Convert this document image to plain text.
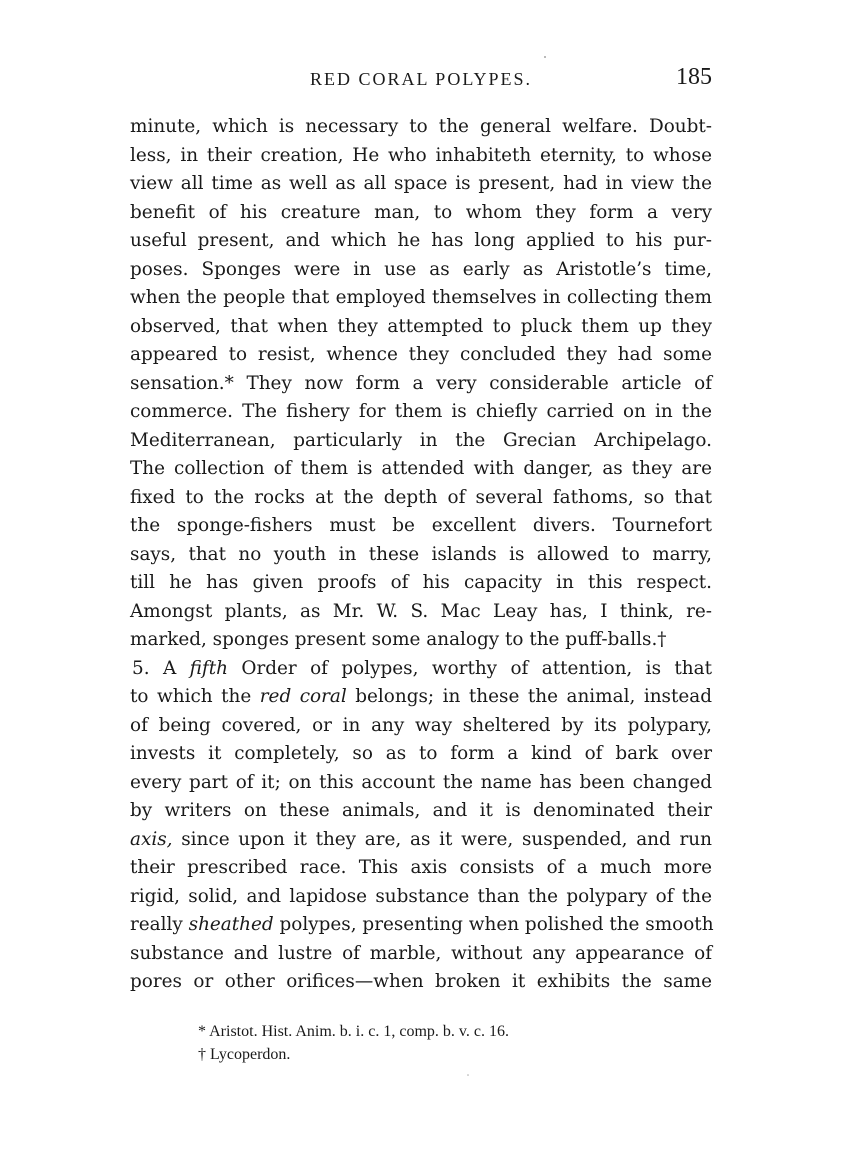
RED CORAL POLYPES.	185
minute, which is necessary to the general welfare. Doubt-
less, in their creation, He who inhabiteth eternity, to whose
view all time as well as all space is present, had in view the
benefit of his creature man, to whom they form a very
useful present, and which he has long applied to his pur-
poses. Sponges were in use as early as Aristotle’s time,
when the people that employed themselves in collecting them
observed, that when they attempted to pluck them up they
appeared to resist, whence they concluded they had some
sensation.* They now form a very considerable article of
commerce. The fishery for them is chiefly carried on in the
Mediterranean, particularly in the Grecian Archipelago.
The collection of them is attended with danger, as they are
fixed to the rocks at the depth of several fathoms, so that
the sponge-fishers must be excellent divers. Tournefort
says, that no youth in these islands is allowed to marry,
till he has given proofs of his capacity in this respect.
Amongst plants, as Mr. W. S. Mac Leay has, I think, re-
marked, sponges present some analogy to the puff-balls.†
5. A fifth Order of polypes, worthy of attention, is that
to which the red coral belongs; in these the animal, instead
of being covered, or in any way sheltered by its polypary,
invests it completely, so as to form a kind of bark over
every part of it; on this account the name has been changed
by writers on these animals, and it is denominated their
axis, since upon it they are, as it were, suspended, and run
their prescribed race. This axis consists of a much more
rigid, solid, and lapidose substance than the polypary of the
really sheathed polypes, presenting when polished the smooth
substance and lustre of marble, without any appearance of
pores or other orifices—when broken it exhibits the same
* Aristot. Hist. Anim. b. i. c. 1, comp. b. v. c. 16.
† Lycoperdon.
